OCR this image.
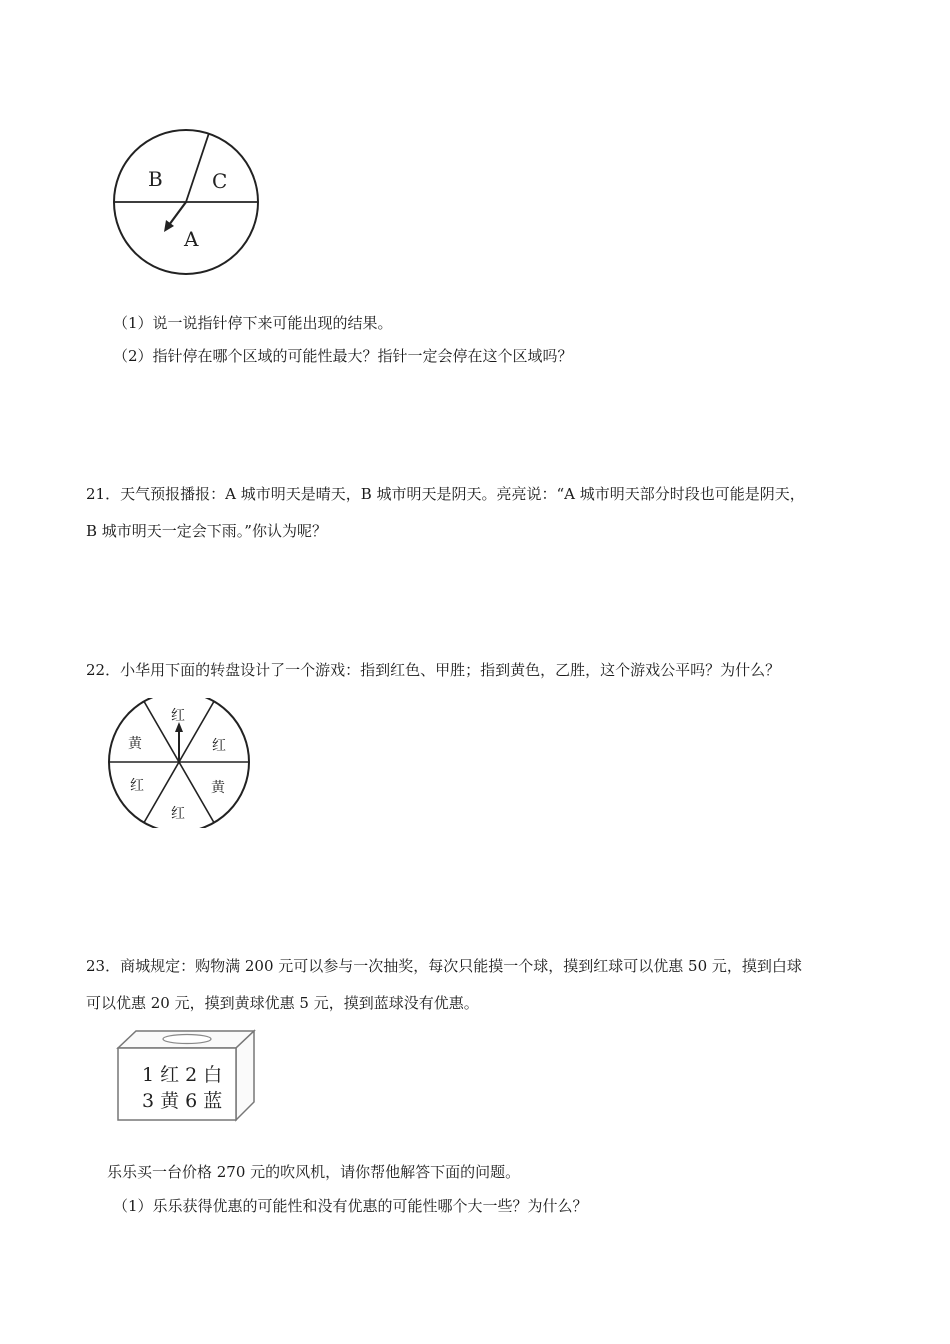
B C
A
（1）说一说指针停下来可能出现的结果。
（2）指针停在哪个区域的可能性最大？指针一定会停在这个区域吗？
21．天气预报播报：A 城市明天是晴天，B 城市明天是阴天。亮亮说：“A 城市明天部分时段也可能是阴天，
B 城市明天一定会下雨。”你认为呢？
22．小华用下面的转盘设计了一个游戏：指到红色、甲胜；指到黄色，乙胜，这个游戏公平吗？为什么？
红
红
黄
红
红
黄
23．商城规定：购物满 200 元可以参与一次抽奖，每次只能摸一个球，摸到红球可以优惠 50 元，摸到白球
可以优惠 20 元，摸到黄球优惠 5 元，摸到蓝球没有优惠。
1 红 2 白
3 黄 6 蓝
乐乐买一台价格 270 元的吹风机，请你帮他解答下面的问题。
（1）乐乐获得优惠的可能性和没有优惠的可能性哪个大一些？为什么？
